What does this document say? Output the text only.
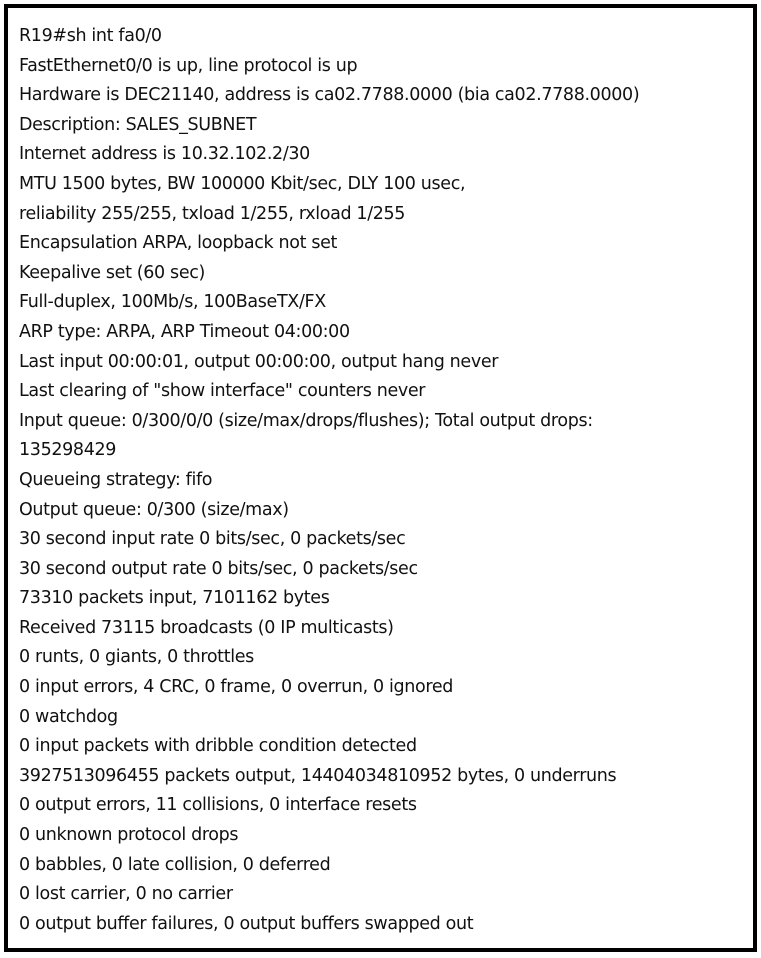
R19#sh int fa0/0
FastEthernet0/0 is up, line protocol is up
Hardware is DEC21140, address is ca02.7788.0000 (bia ca02.7788.0000)
Description: SALES_SUBNET
Internet address is 10.32.102.2/30
MTU 1500 bytes, BW 100000 Kbit/sec, DLY 100 usec,
reliability 255/255, txload 1/255, rxload 1/255
Encapsulation ARPA, loopback not set
Keepalive set (60 sec)
Full-duplex, 100Mb/s, 100BaseTX/FX
ARP type: ARPA, ARP Timeout 04:00:00
Last input 00:00:01, output 00:00:00, output hang never
Last clearing of "show interface" counters never
Input queue: 0/300/0/0 (size/max/drops/flushes); Total output drops:
135298429
Queueing strategy: fifo
Output queue: 0/300 (size/max)
30 second input rate 0 bits/sec, 0 packets/sec
30 second output rate 0 bits/sec, 0 packets/sec
73310 packets input, 7101162 bytes
Received 73115 broadcasts (0 IP multicasts)
0 runts, 0 giants, 0 throttles
0 input errors, 4 CRC, 0 frame, 0 overrun, 0 ignored
0 watchdog
0 input packets with dribble condition detected
3927513096455 packets output, 14404034810952 bytes, 0 underruns
0 output errors, 11 collisions, 0 interface resets
0 unknown protocol drops
0 babbles, 0 late collision, 0 deferred
0 lost carrier, 0 no carrier
0 output buffer failures, 0 output buffers swapped out
